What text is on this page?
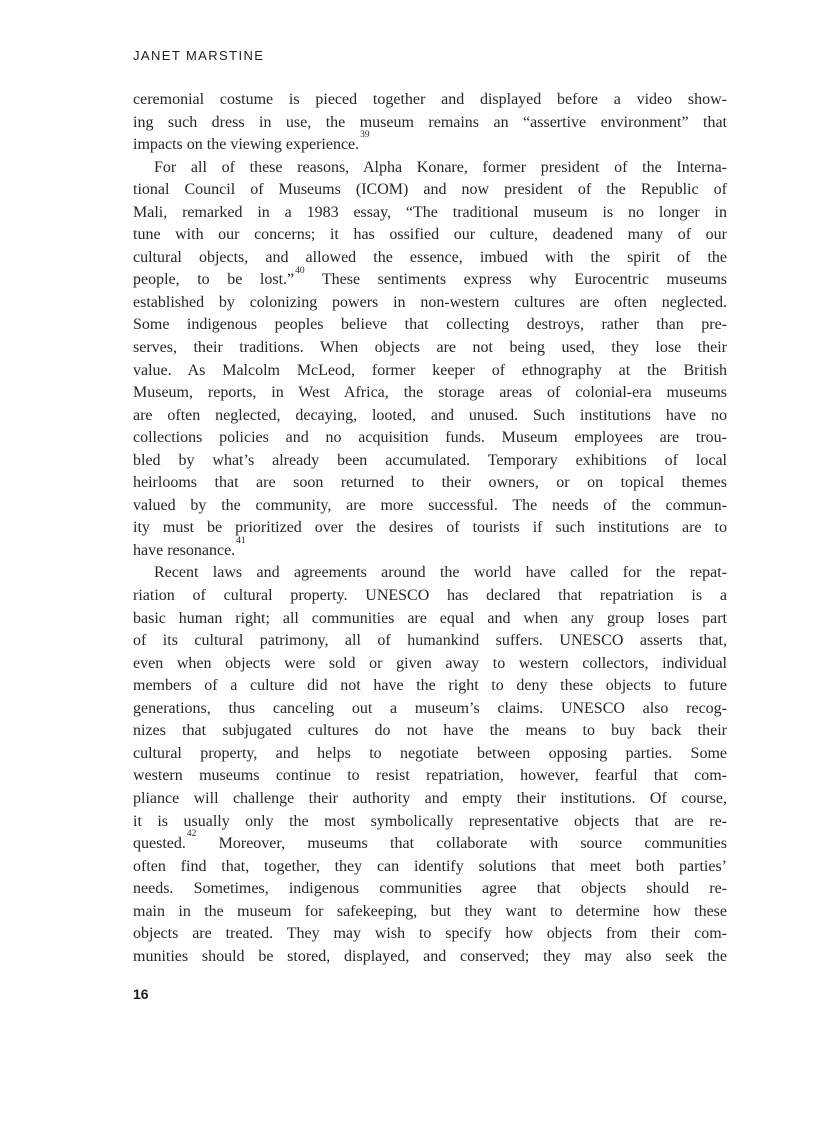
JANET MARSTINE
ceremonial costume is pieced together and displayed before a video show-
ing such dress in use, the museum remains an “assertive environment” that
impacts on the viewing experience.$^{39}$
For all of these reasons, Alpha Konare, former president of the Interna-
tional Council of Museums (ICOM) and now president of the Republic of
Mali, remarked in a 1983 essay, “The traditional museum is no longer in
tune with our concerns; it has ossified our culture, deadened many of our
cultural objects, and allowed the essence, imbued with the spirit of the
people, to be lost.”$^{40}$ These sentiments express why Eurocentric museums
established by colonizing powers in non-western cultures are often neglected.
Some indigenous peoples believe that collecting destroys, rather than pre-
serves, their traditions. When objects are not being used, they lose their
value. As Malcolm McLeod, former keeper of ethnography at the British
Museum, reports, in West Africa, the storage areas of colonial-era museums
are often neglected, decaying, looted, and unused. Such institutions have no
collections policies and no acquisition funds. Museum employees are trou-
bled by what’s already been accumulated. Temporary exhibitions of local
heirlooms that are soon returned to their owners, or on topical themes
valued by the community, are more successful. The needs of the commun-
ity must be prioritized over the desires of tourists if such institutions are to
have resonance.$^{41}$
Recent laws and agreements around the world have called for the repat-
riation of cultural property. UNESCO has declared that repatriation is a
basic human right; all communities are equal and when any group loses part
of its cultural patrimony, all of humankind suffers. UNESCO asserts that,
even when objects were sold or given away to western collectors, individual
members of a culture did not have the right to deny these objects to future
generations, thus canceling out a museum’s claims. UNESCO also recog-
nizes that subjugated cultures do not have the means to buy back their
cultural property, and helps to negotiate between opposing parties. Some
western museums continue to resist repatriation, however, fearful that com-
pliance will challenge their authority and empty their institutions. Of course,
it is usually only the most symbolically representative objects that are re-
quested.$^{42}$ Moreover, museums that collaborate with source communities
often find that, together, they can identify solutions that meet both parties’
needs. Sometimes, indigenous communities agree that objects should re-
main in the museum for safekeeping, but they want to determine how these
objects are treated. They may wish to specify how objects from their com-
munities should be stored, displayed, and conserved; they may also seek the
16
